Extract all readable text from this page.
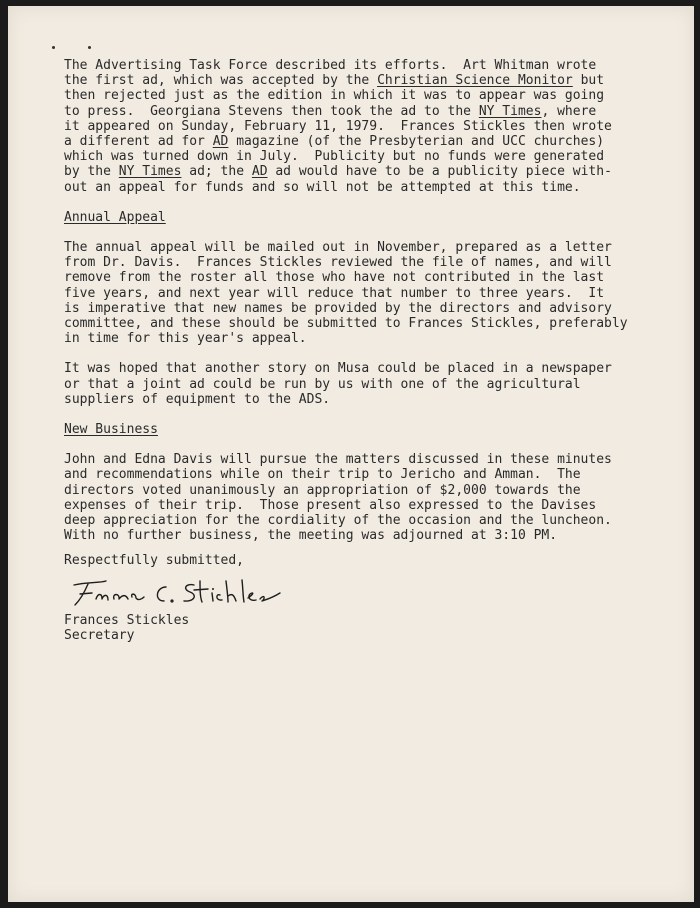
The Advertising Task Force described its efforts.  Art Whitman wrote
the first ad, which was accepted by the Christian Science Monitor but
then rejected just as the edition in which it was to appear was going
to press.  Georgiana Stevens then took the ad to the NY Times, where
it appeared on Sunday, February 11, 1979.  Frances Stickles then wrote
a different ad for AD magazine (of the Presbyterian and UCC churches)
which was turned down in July.  Publicity but no funds were generated
by the NY Times ad; the AD ad would have to be a publicity piece with-
out an appeal for funds and so will not be attempted at this time.
Annual Appeal
The annual appeal will be mailed out in November, prepared as a letter
from Dr. Davis.  Frances Stickles reviewed the file of names, and will
remove from the roster all those who have not contributed in the last
five years, and next year will reduce that number to three years.  It
is imperative that new names be provided by the directors and advisory
committee, and these should be submitted to Frances Stickles, preferably
in time for this year's appeal.
It was hoped that another story on Musa could be placed in a newspaper
or that a joint ad could be run by us with one of the agricultural
suppliers of equipment to the ADS.
New Business
John and Edna Davis will pursue the matters discussed in these minutes
and recommendations while on their trip to Jericho and Amman.  The
directors voted unanimously an appropriation of $2,000 towards the
expenses of their trip.  Those present also expressed to the Davises
deep appreciation for the cordiality of the occasion and the luncheon.
With no further business, the meeting was adjourned at 3:10 PM.
Respectfully submitted,
Frances Stickles
Secretary
